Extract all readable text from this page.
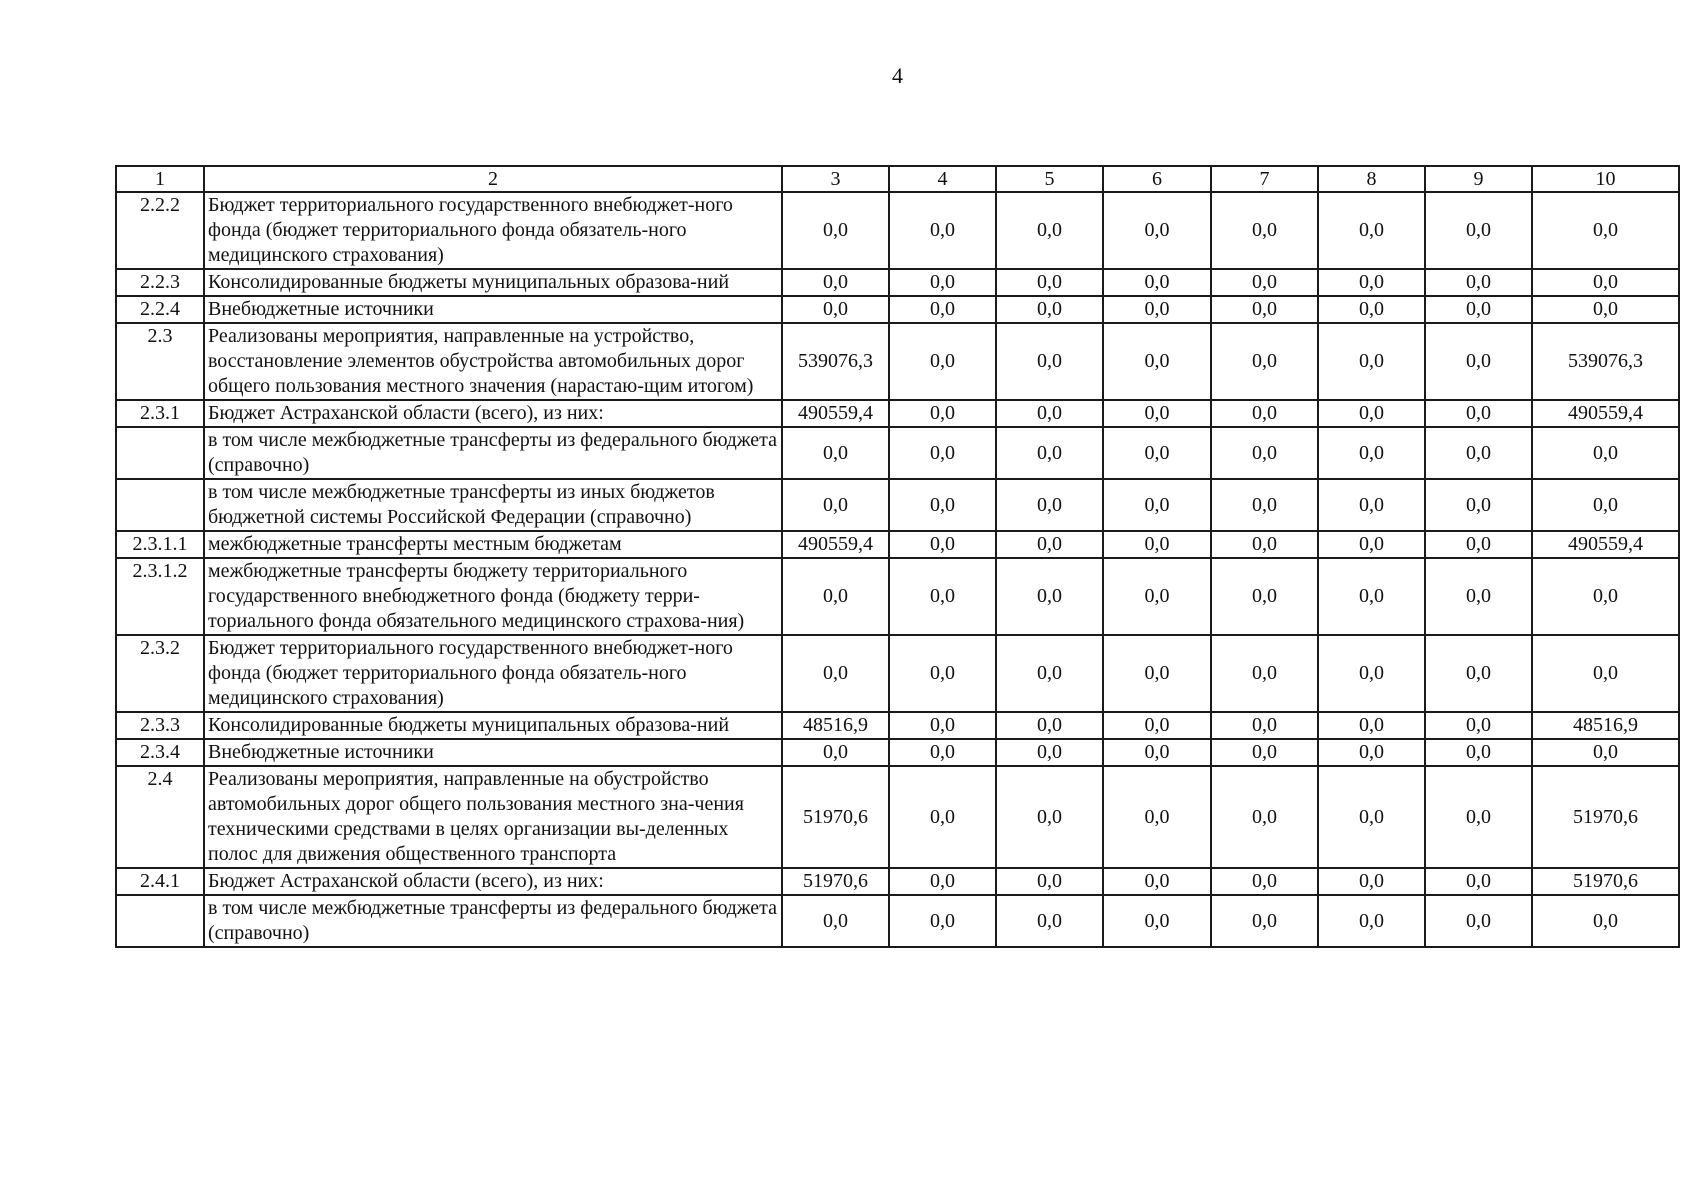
4
1	2	3	4	5	6	7	8	9	10
2.2.2	Бюджет территориального государственного внебюджет-ного фонда (бюджет территориального фонда обязатель-ного медицинского страхования)	0,0	0,0	0,0	0,0	0,0	0,0	0,0	0,0
2.2.3	Консолидированные бюджеты муниципальных образова-ний	0,0	0,0	0,0	0,0	0,0	0,0	0,0	0,0
2.2.4	Внебюджетные источники	0,0	0,0	0,0	0,0	0,0	0,0	0,0	0,0
2.3	Реализованы мероприятия, направленные на устройство, восстановление элементов обустройства автомобильных дорог общего пользования местного значения (нарастаю-щим итогом)	539076,3	0,0	0,0	0,0	0,0	0,0	0,0	539076,3
2.3.1	Бюджет Астраханской области (всего), из них:	490559,4	0,0	0,0	0,0	0,0	0,0	0,0	490559,4
	в том числе межбюджетные трансферты из федерального бюджета (справочно)	0,0	0,0	0,0	0,0	0,0	0,0	0,0	0,0
	в том числе межбюджетные трансферты из иных бюджетов бюджетной системы Российской Федерации (справочно)	0,0	0,0	0,0	0,0	0,0	0,0	0,0	0,0
2.3.1.1	межбюджетные трансферты местным бюджетам	490559,4	0,0	0,0	0,0	0,0	0,0	0,0	490559,4
2.3.1.2	межбюджетные трансферты бюджету территориального государственного внебюджетного фонда (бюджету терри-ториального фонда обязательного медицинского страхова-ния)	0,0	0,0	0,0	0,0	0,0	0,0	0,0	0,0
2.3.2	Бюджет территориального государственного внебюджет-ного фонда (бюджет территориального фонда обязатель-ного медицинского страхования)	0,0	0,0	0,0	0,0	0,0	0,0	0,0	0,0
2.3.3	Консолидированные бюджеты муниципальных образова-ний	48516,9	0,0	0,0	0,0	0,0	0,0	0,0	48516,9
2.3.4	Внебюджетные источники	0,0	0,0	0,0	0,0	0,0	0,0	0,0	0,0
2.4	Реализованы мероприятия, направленные на обустройство автомобильных дорог общего пользования местного зна-чения техническими средствами в целях организации вы-деленных полос для движения общественного транспорта	51970,6	0,0	0,0	0,0	0,0	0,0	0,0	51970,6
2.4.1	Бюджет Астраханской области (всего), из них:	51970,6	0,0	0,0	0,0	0,0	0,0	0,0	51970,6
	в том числе межбюджетные трансферты из федерального бюджета (справочно)	0,0	0,0	0,0	0,0	0,0	0,0	0,0	0,0
